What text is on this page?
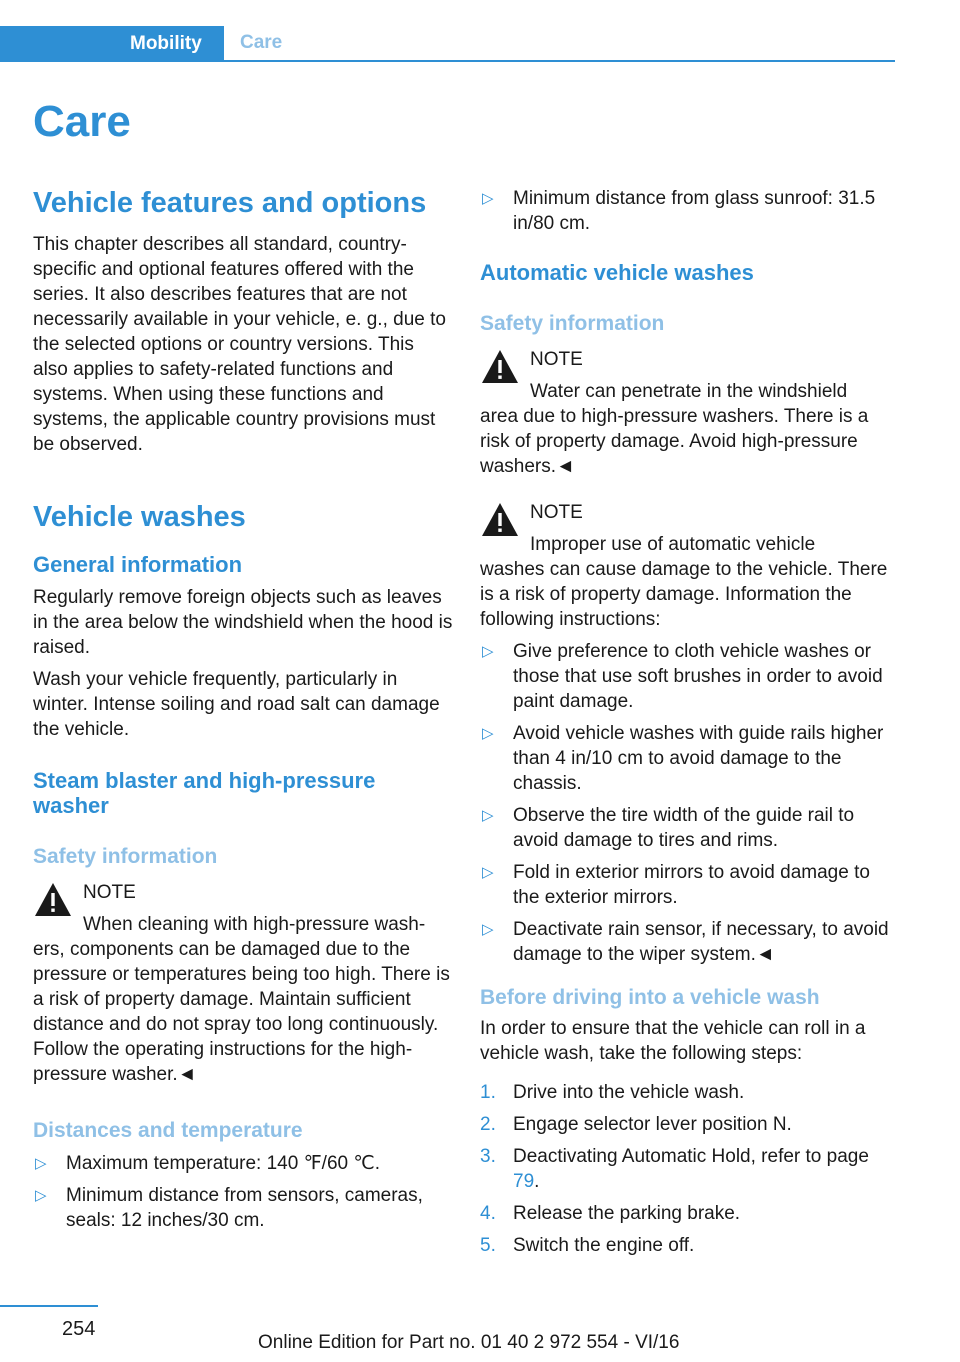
Mobility	Care
Care
Vehicle features and options

This chapter describes all standard, country-specific and optional features offered with the series. It also describes features that are not necessarily available in your vehicle, e. g., due to the selected options or country versions. This also applies to safety-related functions and systems. When using these functions and systems, the applicable country provisions must be observed.

Vehicle washes
General information

Regularly remove foreign objects such as leaves in the area below the windshield when the hood is raised.

Wash your vehicle frequently, particularly in winter. Intense soiling and road salt can damage the vehicle.

Steam blaster and high-pressure washer
Safety information
NOTE
When cleaning with high-pressure wash-
ers, components can be damaged due to the pressure or temperatures being too high. There is a risk of property damage. Maintain sufficient distance and do not spray too long continuously. Follow the operating instructions for the high-pressure washer.◄
Distances and temperature
▷ Maximum temperature: 140 ℉/60 ℃.
▷ Minimum distance from sensors, cameras, seals: 12 inches/30 cm.
▷ Minimum distance from glass sunroof: 31.5 in/80 cm.
Automatic vehicle washes
Safety information
NOTE
Water can penetrate in the windshield
area due to high-pressure washers. There is a risk of property damage. Avoid high-pressure washers.◄
NOTE
Improper use of automatic vehicle
washes can cause damage to the vehicle. There is a risk of property damage. Information the following instructions:
▷ Give preference to cloth vehicle washes or those that use soft brushes in order to avoid paint damage.
▷ Avoid vehicle washes with guide rails higher than 4 in/10 cm to avoid damage to the chassis.
▷ Observe the tire width of the guide rail to avoid damage to tires and rims.
▷ Fold in exterior mirrors to avoid damage to the exterior mirrors.
▷ Deactivate rain sensor, if necessary, to avoid damage to the wiper system.◄
Before driving into a vehicle wash

In order to ensure that the vehicle can roll in a vehicle wash, take the following steps:

1. Drive into the vehicle wash.
2. Engage selector lever position N.
3. Deactivating Automatic Hold, refer to page 79.
4. Release the parking brake.
5. Switch the engine off.
254
Online Edition for Part no. 01 40 2 972 554 - VI/16
